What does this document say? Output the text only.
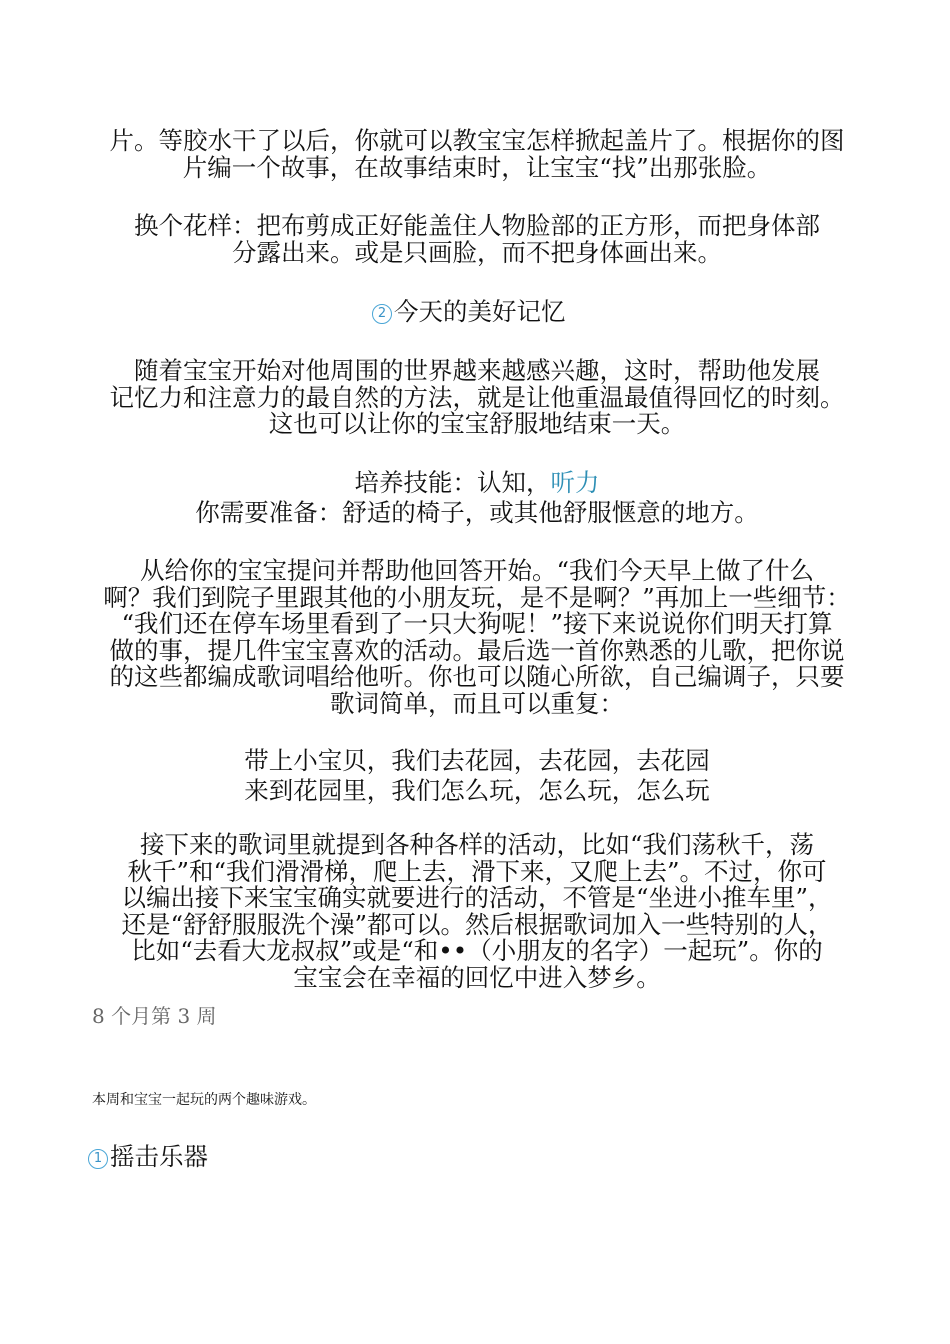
片。等胶水干了以后，你就可以教宝宝怎样掀起盖片了。根据你的图
片编一个故事，在故事结束时，让宝宝“找”出那张脸。
换个花样：把布剪成正好能盖住人物脸部的正方形，而把身体部
分露出来。或是只画脸，而不把身体画出来。
2 今天的美好记忆
随着宝宝开始对他周围的世界越来越感兴趣，这时，帮助他发展
记忆力和注意力的最自然的方法，就是让他重温最值得回忆的时刻。
这也可以让你的宝宝舒服地结束一天。
培养技能：认知，听力
你需要准备：舒适的椅子，或其他舒服惬意的地方。
从给你的宝宝提问并帮助他回答开始。“我们今天早上做了什么
啊？我们到院子里跟其他的小朋友玩，是不是啊？”再加上一些细节：
“我们还在停车场里看到了一只大狗呢！”接下来说说你们明天打算
做的事，提几件宝宝喜欢的活动。最后选一首你熟悉的儿歌，把你说
的这些都编成歌词唱给他听。你也可以随心所欲，自己编调子，只要
歌词简单，而且可以重复：
带上小宝贝，我们去花园，去花园，去花园
来到花园里，我们怎么玩，怎么玩，怎么玩
接下来的歌词里就提到各种各样的活动，比如“我们荡秋千，荡
秋千”和“我们滑滑梯，爬上去，滑下来，又爬上去”。不过，你可
以编出接下来宝宝确实就要进行的活动，不管是“坐进小推车里”，
还是“舒舒服服洗个澡”都可以。然后根据歌词加入一些特别的人，
比如“去看大龙叔叔”或是“和••（小朋友的名字）一起玩”。你的
宝宝会在幸福的回忆中进入梦乡。
8 个月第 3 周
本周和宝宝一起玩的两个趣味游戏。
1 摇击乐器
